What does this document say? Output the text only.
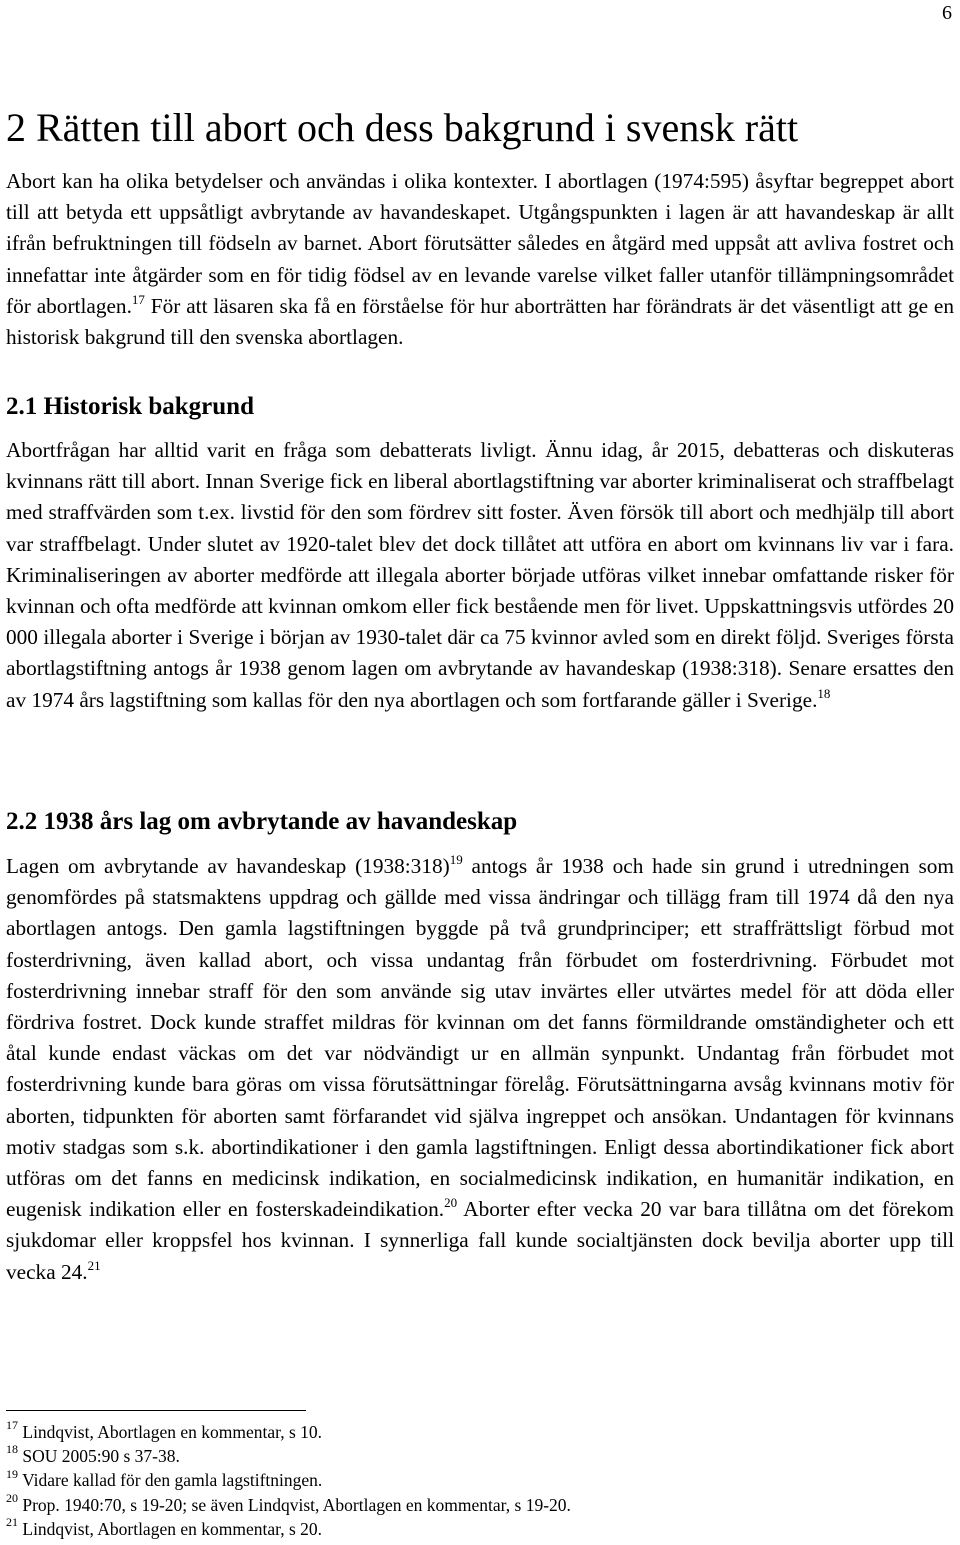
6
2 Rätten till abort och dess bakgrund i svensk rätt

Abort kan ha olika betydelser och användas i olika kontexter. I abortlagen (1974:595) åsyftar begreppet abort till att betyda ett uppsåtligt avbrytande av havandeskapet. Utgångspunkten i lagen är att havandeskap är allt ifrån befruktningen till födseln av barnet. Abort förutsätter således en åtgärd med uppsåt att avliva fostret och innefattar inte åtgärder som en för tidig födsel av en levande varelse vilket faller utanför tillämpningsområdet för abortlagen.$^{17}$ För att läsaren ska få en förståelse för hur aborträtten har förändrats är det väsentligt att ge en historisk bakgrund till den svenska abortlagen.

2.1 Historisk bakgrund

Abortfrågan har alltid varit en fråga som debatterats livligt. Ännu idag, år 2015, debatteras och diskuteras kvinnans rätt till abort. Innan Sverige fick en liberal abortlagstiftning var aborter kriminaliserat och straffbelagt med straffvärden som t.ex. livstid för den som fördrev sitt foster. Även försök till abort och medhjälp till abort var straffbelagt. Under slutet av 1920-talet blev det dock tillåtet att utföra en abort om kvinnans liv var i fara. Kriminaliseringen av aborter medförde att illegala aborter började utföras vilket innebar omfattande risker för kvinnan och ofta medförde att kvinnan omkom eller fick bestående men för livet. Uppskattningsvis utfördes 20 000 illegala aborter i Sverige i början av 1930-talet där ca 75 kvinnor avled som en direkt följd. Sveriges första abortlagstiftning antogs år 1938 genom lagen om avbrytande av havandeskap (1938:318). Senare ersattes den av 1974 års lagstiftning som kallas för den nya abortlagen och som fortfarande gäller i Sverige.$^{18}$

2.2 1938 års lag om avbrytande av havandeskap

Lagen om avbrytande av havandeskap (1938:318)$^{19}$ antogs år 1938 och hade sin grund i utredningen som genomfördes på statsmaktens uppdrag och gällde med vissa ändringar och tillägg fram till 1974 då den nya abortlagen antogs. Den gamla lagstiftningen byggde på två grundprinciper; ett straffrättsligt förbud mot fosterdrivning, även kallad abort, och vissa undantag från förbudet om fosterdrivning. Förbudet mot fosterdrivning innebar straff för den som använde sig utav invärtes eller utvärtes medel för att döda eller fördriva fostret. Dock kunde straffet mildras för kvinnan om det fanns förmildrande omständigheter och ett åtal kunde endast väckas om det var nödvändigt ur en allmän synpunkt. Undantag från förbudet mot fosterdrivning kunde bara göras om vissa förutsättningar förelåg. Förutsättningarna avsåg kvinnans motiv för aborten, tidpunkten för aborten samt förfarandet vid själva ingreppet och ansökan. Undantagen för kvinnans motiv stadgas som s.k. abortindikationer i den gamla lagstiftningen. Enligt dessa abortindikationer fick abort utföras om det fanns en medicinsk indikation, en socialmedicinsk indikation, en humanitär indikation, en eugenisk indikation eller en fosterskadeindikation.$^{20}$ Aborter efter vecka 20 var bara tillåtna om det förekom sjukdomar eller kroppsfel hos kvinnan. I synnerliga fall kunde socialtjänsten dock bevilja aborter upp till vecka 24.21

$^{17}$ Lindqvist, Abortlagen en kommentar, s 10.

$^{18}$ SOU 2005:90 s 37-38.

$^{19}$ Vidare kallad för den gamla lagstiftningen.

$^{20}$ Prop. 1940:70, s 19-20; se även Lindqvist, Abortlagen en kommentar, s 19-20.

$^{21}$ Lindqvist, Abortlagen en kommentar, s 20.
